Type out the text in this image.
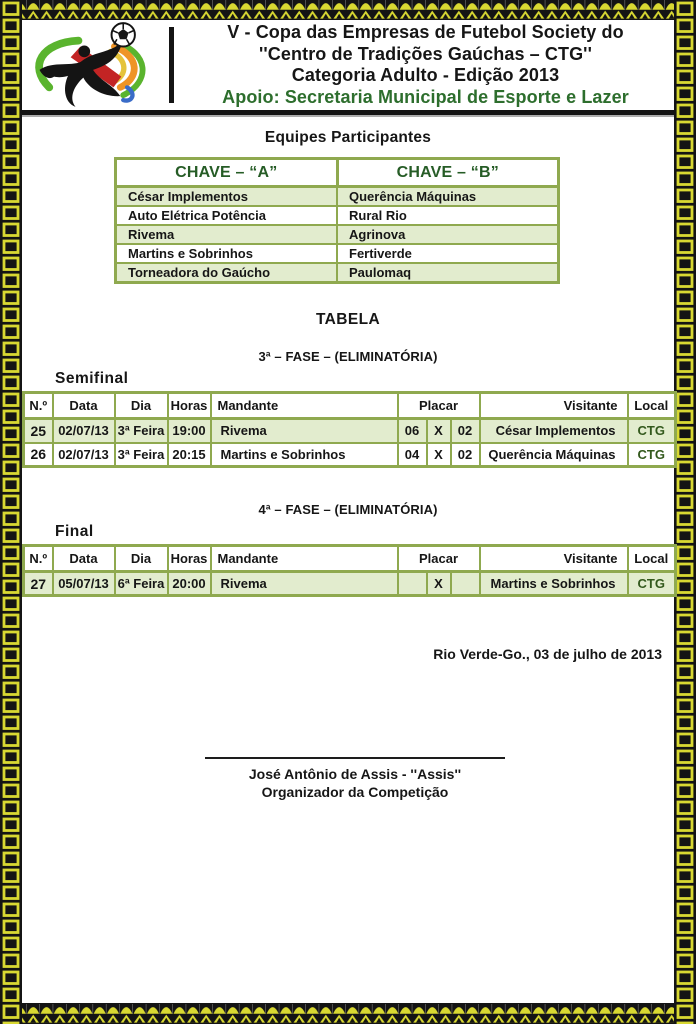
V - Copa das Empresas de Futebol Society do
''Centro de Tradições Gaúchas – CTG''
Categoria Adulto - Edição 2013
Apoio: Secretaria Municipal de Esporte e Lazer
Equipes Participantes
CHAVE – “A”	CHAVE – “B”
César Implementos	Querência Máquinas
Auto Elétrica Potência	Rural Rio
Rivema	Agrinova
Martins e Sobrinhos	Fertiverde
Torneadora do Gaúcho	Paulomaq
TABELA
3ª – FASE – (ELIMINATÓRIA)
Semifinal
N.º	Data	Dia	Horas	Mandante	Placar			Visitante	Local
25	02/07/13	3ª Feira	19:00	Rivema	06	X	02	César Implementos	CTG
26	02/07/13	3ª Feira	20:15	Martins e Sobrinhos	04	X	02	Querência Máquinas	CTG
4ª – FASE – (ELIMINATÓRIA)
Final
N.º	Data	Dia	Horas	Mandante	Placar			Visitante	Local
27	05/07/13	6ª Feira	20:00	Rivema		X		Martins e Sobrinhos	CTG
Rio Verde-Go., 03 de julho de 2013
José Antônio de Assis - ''Assis''
Organizador da Competição
